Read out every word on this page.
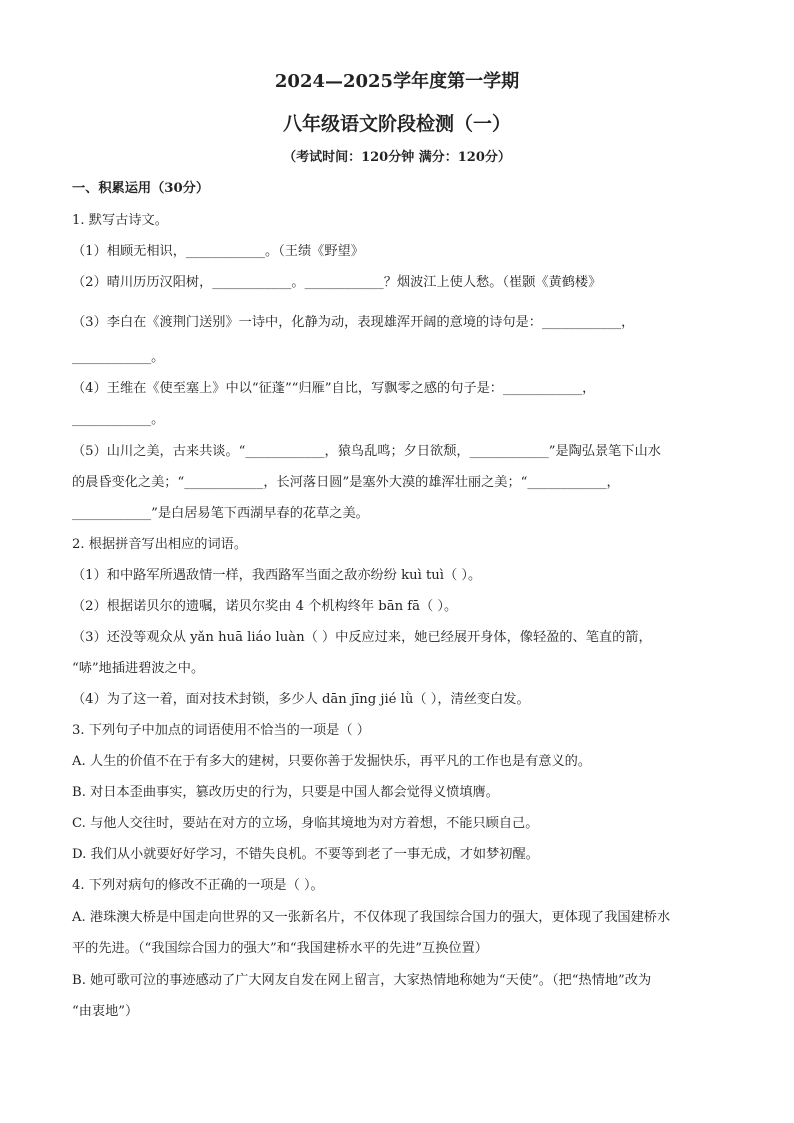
2024—2025学年度第一学期
八年级语文阶段检测（一）
（考试时间：120分钟 满分：120分）
一、积累运用（30分）
1. 默写古诗文。
（1）相顾无相识，____________。（王绩《野望》
（2）晴川历历汉阳树，____________。____________？烟波江上使人愁。（崔颢《黄鹤楼》
（3）李白在《渡荆门送别》一诗中，化静为动，表现雄浑开阔的意境的诗句是：____________，
____________。
（4）王维在《使至塞上》中以“征蓬”“归雁”自比，写飘零之感的句子是：____________，
____________。
（5）山川之美，古来共谈。“____________，猿鸟乱鸣；夕日欲颓，____________”是陶弘景笔下山水
的晨昏变化之美；“____________，长河落日圆”是塞外大漠的雄浑壮丽之美；“____________，
____________”是白居易笔下西湖早春的花草之美。
2. 根据拼音写出相应的词语。
（1）和中路军所遇敌情一样，我西路军当面之敌亦纷纷 kuì tuì（ ）。
（2）根据诺贝尔的遗嘱，诺贝尔奖由 4 个机构终年 bān fā（ ）。
（3）还没等观众从 yǎn huā liáo luàn（ ）中反应过来，她已经展开身体，像轻盈的、笔直的箭，
“哧”地插进碧波之中。
（4）为了这一着，面对技术封锁，多少人 dān jīng jié lǜ（ ），清丝变白发。
3. 下列句子中加点的词语使用不恰当的一项是（ ）
A. 人生的价值不在于有多大的建树，只要你善于发掘快乐，再平凡的工作也是有意义的。
B. 对日本歪曲事实，篡改历史的行为，只要是中国人都会觉得义愤填膺。
C. 与他人交往时，要站在对方的立场，身临其境地为对方着想，不能只顾自己。
D. 我们从小就要好好学习，不错失良机。不要等到老了一事无成，才如梦初醒。
4. 下列对病句的修改不正确的一项是（ ）。
A. 港珠澳大桥是中国走向世界的又一张新名片，不仅体现了我国综合国力的强大，更体现了我国建桥水
平的先进。（“我国综合国力的强大”和“我国建桥水平的先进”互换位置）
B. 她可歌可泣的事迹感动了广大网友自发在网上留言，大家热情地称她为“天使”。（把“热情地”改为
“由衷地”）
